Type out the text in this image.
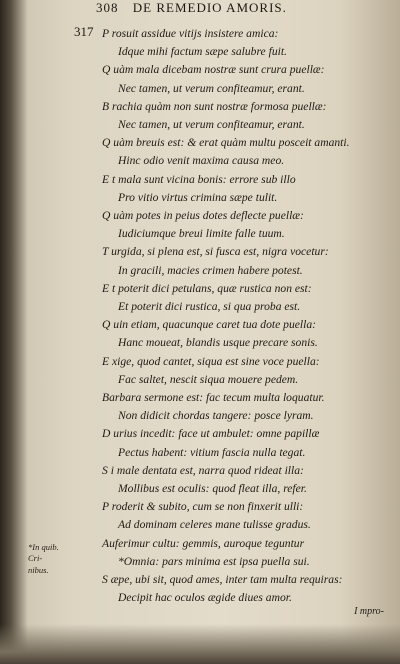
308 DE REMEDIO AMORIS.
317 P rosuit assidue vitijs insistere amica:
Idque mihi factum sæpe salubre fuit.
Q uàm mala dicebam nostræ sunt crura puellæ:
Nec tamen, ut verum confiteamur, erant.
B rachia quàm non sunt nostræ formosa puellæ:
Nec tamen, ut verum confiteamur, erant.
Q uàm breuis est: & erat quàm multu posceit amanti.
Hinc odio venit maxima causa meo.
E t mala sunt vicina bonis: errore sub illo
Pro vitio virtus crimina sæpe tulit.
Q uàm potes in peius dotes deflecte puellæ:
Iudiciumque breui limite falle tuum.
T urgida, si plena est, si fusca est, nigra vocetur:
In gracili, macies crimen habere potest.
E t poterit dici petulans, quæ rustica non est:
Et poterit dici rustica, si qua proba est.
Q uin etiam, quacunque caret tua dote puella:
Hanc moueat, blandis usque precare sonis.
E xige, quod cantet, siqua est sine voce puella:
Fac saltet, nescit siqua mouere pedem.
Barbara sermone est: fac tecum multa loquatur.
Non didicit chordas tangere: posce lyram.
D urius incedit: face ut ambulet: omne papillæ
Pectus habent: vitium fascia nulla tegat.
S i male dentata est, narra quod rideat illa:
Mollibus est oculis: quod fleat illa, refer.
P roderit & subito, cum se non finxerit ulli:
Ad dominam celeres mane tulisse gradus.
Auferimur cultu: gemmis, auroque teguntur
*Omnia: pars minima est ipsa puella sui.
S æpe, ubi sit, quod ames, inter tam multa requiras:
Decipit hac oculos ægide diues amor.
*In quib. Cri-
nibus.
I mpro-
